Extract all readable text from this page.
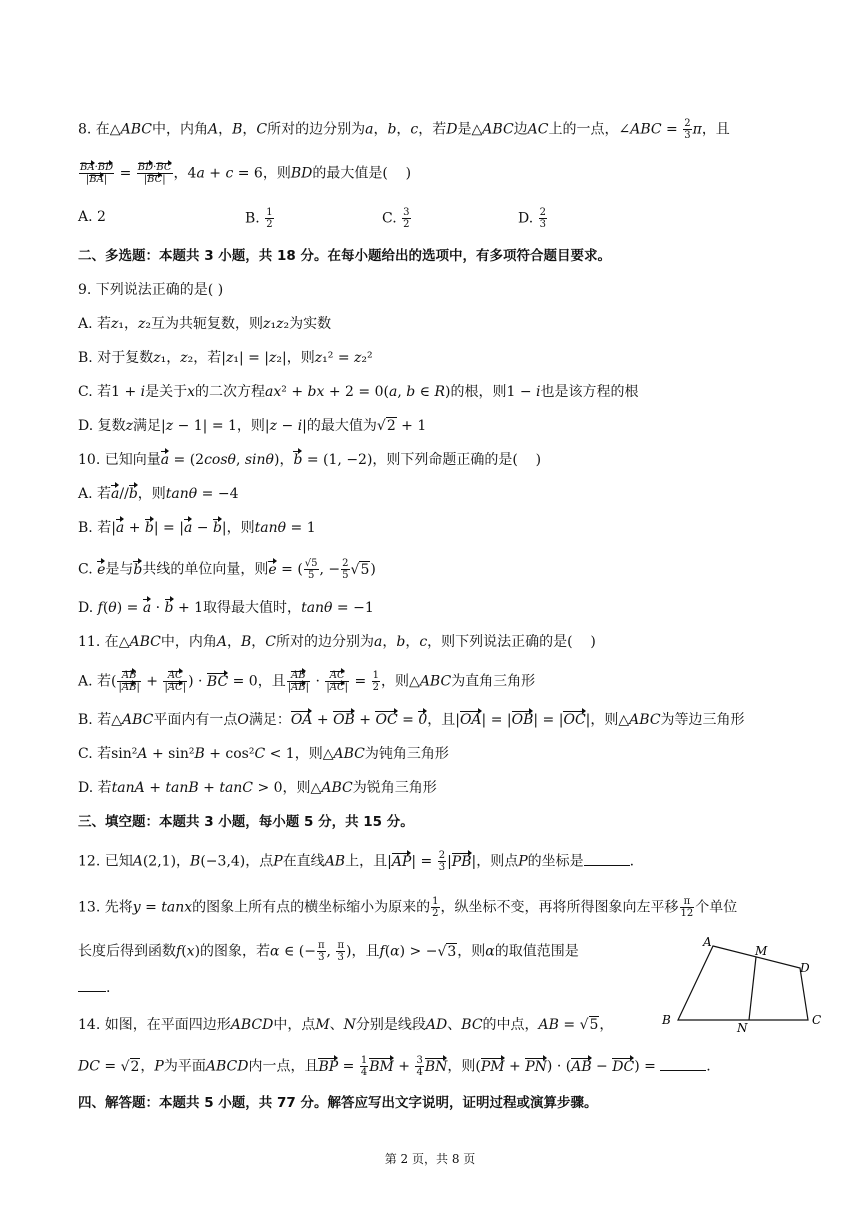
8. 在△ABC中，内角A，B，C所对的边分别为a，b，c，若D是△ABC边AC上的一点，∠ABC = $\frac{2}{3}$ π，且
$\frac{BA\cdot BD}{|BA|} = \frac{BD\cdot BC}{|BC|}$ ，4a + c = 6，则BD的最大值是(    )
A. 2	B. $\frac{1}{2}$	C. $\frac{3}{2}$	D. $\frac{2}{3}$
二、多选题：本题共 3 小题，共 18 分。在每小题给出的选项中，有多项符合题目要求。
9. 下列说法正确的是( )
A. 若z₁，z₂互为共轭复数，则z₁z₂为实数
B. 对于复数z₁，z₂，若|z₁| = |z₂|，则z₁² = z₂²
C. 若1 + i是关于x的二次方程ax² + bx + 2 = 0(a, b ∈ R)的根，则1 − i也是该方程的根
D. 复数z满足|z − 1| = 1，则|z − i|的最大值为√2 + 1
10. 已知向量a = (2cosθ, sinθ)，b = (1, −2)，则下列命题正确的是(    )
A. 若a//b，则tanθ = −4
B. 若|a + b| = |a − b|，则tanθ = 1
C. e是与b共线的单位向量，则e = ( $\frac{√5}{5}$ , − $\frac{2}{5} √5$)
D. f(θ) = a · b + 1取得最大值时，tanθ = −1
11. 在△ABC中，内角A，B，C所对的边分别为a，b，c，则下列说法正确的是(    )
A. 若( $\frac{AB}{|AB|} + \frac{AC}{|AC|}$ ) · BC = 0，且 $\frac{AB}{|AB|} \cdot \frac{AC}{|AC|} = \frac{1}{2}$ ，则△ABC为直角三角形
B. 若△ABC平面内有一点O满足：OA + OB + OC = 0，且|OA| = |OB| = |OC|，则△ABC为等边三角形
C. 若sin²A + sin²B + cos²C < 1，则△ABC为钝角三角形
D. 若tanA + tanB + tanC > 0，则△ABC为锐角三角形
三、填空题：本题共 3 小题，每小题 5 分，共 15 分。
12. 已知A(2,1)，B(−3,4)，点P在直线AB上，且$|AP| = \frac{2}{3} |PB|$，则点P的坐标是	.
13. 先将y = tanx的图象上所有点的横坐标缩小为原来的 $\frac{1}{2}$ ，纵坐标不变，再将所得图象向左平移 $\frac{\pi}{12}$ 个单位
长度后得到函数f(x)的图象，若α ∈ (− $\frac{\pi}{3}$ , $\frac{\pi}{3}$ )，且f(α) > −√3，则α的取值范围是
.
A
M
D
B
N
C
14. 如图，在平面四边形ABCD中，点M、N分别是线段AD、BC的中点，AB = √5，
DC = √2，P为平面ABCD内一点，且BP = $\frac{1}{4}$ BM + $\frac{3}{4}$ BN，则(PM + PN) · (AB − DC) =	.
四、解答题：本题共 5 小题，共 77 分。解答应写出文字说明，证明过程或演算步骤。
第 2 页，共 8 页
